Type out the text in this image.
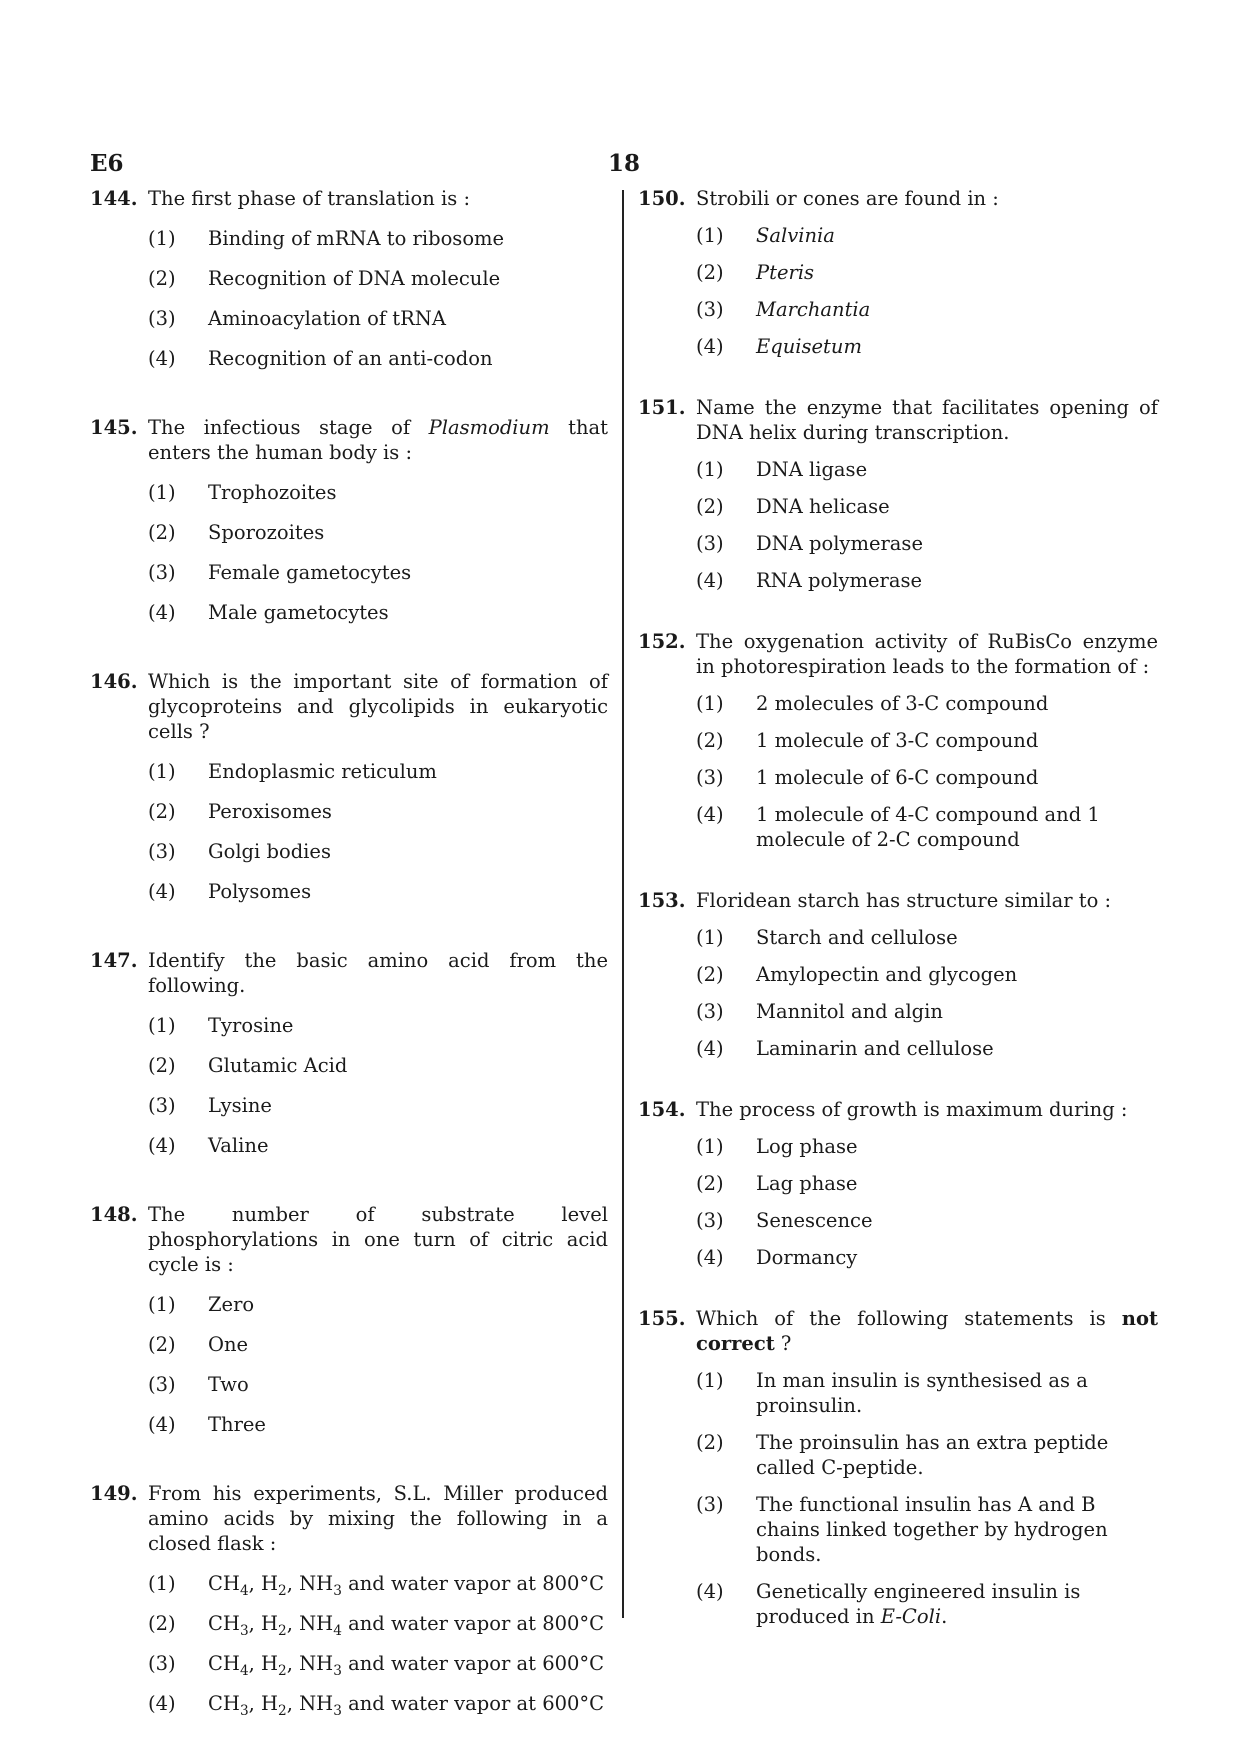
E6	18
144. The first phase of translation is :
(1) Binding of mRNA to ribosome
(2) Recognition of DNA molecule
(3) Aminoacylation of tRNA
(4) Recognition of an anti-codon
145. The infectious stage of Plasmodium that enters the human body is :
(1) Trophozoites
(2) Sporozoites
(3) Female gametocytes
(4) Male gametocytes
146. Which is the important site of formation of glycoproteins and glycolipids in eukaryotic cells ?
(1) Endoplasmic reticulum
(2) Peroxisomes
(3) Golgi bodies
(4) Polysomes
147. Identify the basic amino acid from the following.
(1) Tyrosine
(2) Glutamic Acid
(3) Lysine
(4) Valine
148. The number of substrate level phosphorylations in one turn of citric acid cycle is :
(1) Zero
(2) One
(3) Two
(4) Three
149. From his experiments, S.L. Miller produced amino acids by mixing the following in a closed flask :
(1) $CH_4$, $H_2$, $NH_3$ and water vapor at 800°C
(2) $CH_3$, $H_2$, $NH_4$ and water vapor at 800°C
(3) $CH_4$, $H_2$, $NH_3$ and water vapor at 600°C
(4) $CH_3$, $H_2$, $NH_3$ and water vapor at 600°C
150. Strobili or cones are found in :
(1) Salvinia
(2) Pteris
(3) Marchantia
(4) Equisetum
151. Name the enzyme that facilitates opening of DNA helix during transcription.
(1) DNA ligase
(2) DNA helicase
(3) DNA polymerase
(4) RNA polymerase
152. The oxygenation activity of RuBisCo enzyme in photorespiration leads to the formation of :
(1) 2 molecules of 3-C compound
(2) 1 molecule of 3-C compound
(3) 1 molecule of 6-C compound
(4) 1 molecule of 4-C compound and 1 molecule of 2-C compound
153. Floridean starch has structure similar to :
(1) Starch and cellulose
(2) Amylopectin and glycogen
(3) Mannitol and algin
(4) Laminarin and cellulose
154. The process of growth is maximum during :
(1) Log phase
(2) Lag phase
(3) Senescence
(4) Dormancy
155. Which of the following statements is not correct ?
(1) In man insulin is synthesised as a proinsulin.
(2) The proinsulin has an extra peptide called C-peptide.
(3) The functional insulin has A and B chains linked together by hydrogen bonds.
(4) Genetically engineered insulin is produced in E-Coli.
